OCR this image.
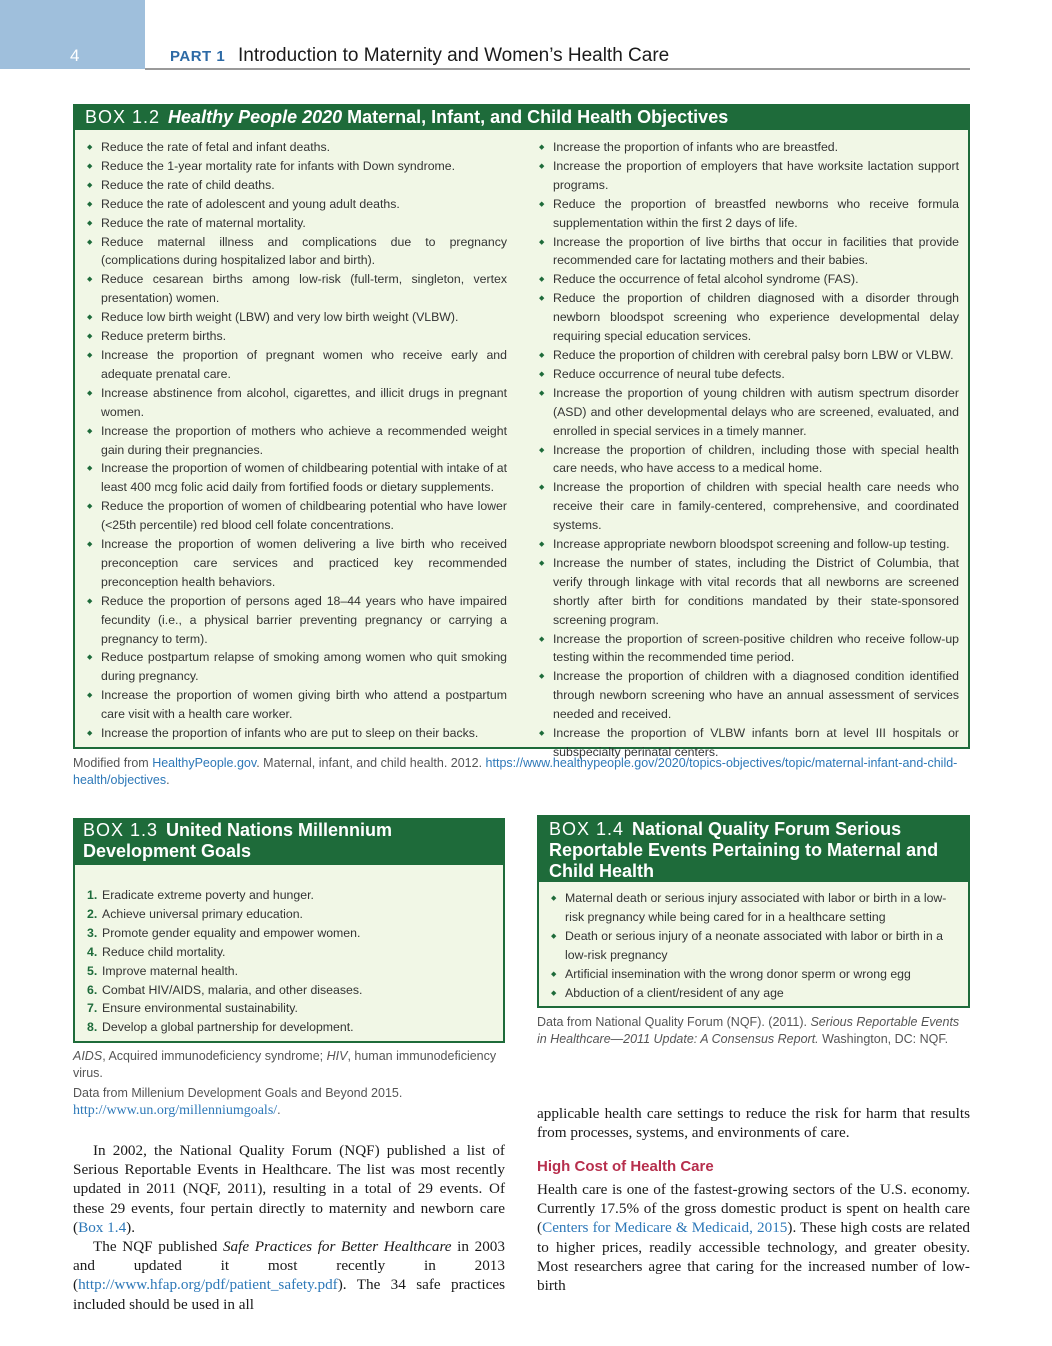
4	PART 1 Introduction to Maternity and Women’s Health Care
BOX 1.2 Healthy People 2020 Maternal, Infant, and Child Health Objectives
◆ Reduce the rate of fetal and infant deaths.
◆ Reduce the 1-year mortality rate for infants with Down syndrome.
◆ Reduce the rate of child deaths.
◆ Reduce the rate of adolescent and young adult deaths.
◆ Reduce the rate of maternal mortality.
◆ Reduce maternal illness and complications due to pregnancy (complications during hospitalized labor and birth).
◆ Reduce cesarean births among low-risk (full-term, singleton, vertex presentation) women.
◆ Reduce low birth weight (LBW) and very low birth weight (VLBW).
◆ Reduce preterm births.
◆ Increase the proportion of pregnant women who receive early and adequate prenatal care.
◆ Increase abstinence from alcohol, cigarettes, and illicit drugs in pregnant women.
◆ Increase the proportion of mothers who achieve a recommended weight gain during their pregnancies.
◆ Increase the proportion of women of childbearing potential with intake of at least 400 mcg folic acid daily from fortified foods or dietary supplements.
◆ Reduce the proportion of women of childbearing potential who have lower (<25th percentile) red blood cell folate concentrations.
◆ Increase the proportion of women delivering a live birth who received preconception care services and practiced key recommended preconception health behaviors.
◆ Reduce the proportion of persons aged 18–44 years who have impaired fecundity (i.e., a physical barrier preventing pregnancy or carrying a pregnancy to term).
◆ Reduce postpartum relapse of smoking among women who quit smoking during pregnancy.
◆ Increase the proportion of women giving birth who attend a postpartum care visit with a health care worker.
◆ Increase the proportion of infants who are put to sleep on their backs.
◆ Increase the proportion of infants who are breastfed.
◆ Increase the proportion of employers that have worksite lactation support programs.
◆ Reduce the proportion of breastfed newborns who receive formula supplementation within the first 2 days of life.
◆ Increase the proportion of live births that occur in facilities that provide recommended care for lactating mothers and their babies.
◆ Reduce the occurrence of fetal alcohol syndrome (FAS).
◆ Reduce the proportion of children diagnosed with a disorder through newborn bloodspot screening who experience developmental delay requiring special education services.
◆ Reduce the proportion of children with cerebral palsy born LBW or VLBW.
◆ Reduce occurrence of neural tube defects.
◆ Increase the proportion of young children with autism spectrum disorder (ASD) and other developmental delays who are screened, evaluated, and enrolled in special services in a timely manner.
◆ Increase the proportion of children, including those with special health care needs, who have access to a medical home.
◆ Increase the proportion of children with special health care needs who receive their care in family-centered, comprehensive, and coordinated systems.
◆ Increase appropriate newborn bloodspot screening and follow-up testing.
◆ Increase the number of states, including the District of Columbia, that verify through linkage with vital records that all newborns are screened shortly after birth for conditions mandated by their state-sponsored screening program.
◆ Increase the proportion of screen-positive children who receive follow-up testing within the recommended time period.
◆ Increase the proportion of children with a diagnosed condition identified through newborn screening who have an annual assessment of services needed and received.
◆ Increase the proportion of VLBW infants born at level III hospitals or subspecialty perinatal centers.
Modified from HealthyPeople.gov. Maternal, infant, and child health. 2012. https://www.healthypeople.gov/2020/topics-objectives/topic/maternal-infant-and-child-health/objectives.
1. Eradicate extreme poverty and hunger.
2. Achieve universal primary education.
3. Promote gender equality and empower women.
4. Reduce child mortality.
5. Improve maternal health.
6. Combat HIV/AIDS, malaria, and other diseases.
7. Ensure environmental sustainability.
8. Develop a global partnership for development.
BOX 1.3 United Nations Millennium Development Goals
AIDS, Acquired immunodeficiency syndrome; HIV, human immunodeficiency virus.
Data from Millenium Development Goals and Beyond 2015. http://www.un.org/millenniumgoals/.
BOX 1.4 National Quality Forum Serious Reportable Events Pertaining to Maternal and Child Health
◆ Maternal death or serious injury associated with labor or birth in a low-risk pregnancy while being cared for in a healthcare setting
◆ Death or serious injury of a neonate associated with labor or birth in a low-risk pregnancy
◆ Artificial insemination with the wrong donor sperm or wrong egg
◆ Abduction of a client/resident of any age
Data from National Quality Forum (NQF). (2011). Serious Reportable Events in Healthcare—2011 Update: A Consensus Report. Washington, DC: NQF.

In 2002, the National Quality Forum (NQF) published a list of Serious Reportable Events in Healthcare. The list was most recently updated in 2011 (NQF, 2011), resulting in a total of 29 events. Of these 29 events, four pertain directly to maternity and newborn care (Box 1.4).

The NQF published Safe Practices for Better Healthcare in 2003 and updated it most recently in 2013 (http://www.hfap.org/pdf/patient_safety.pdf). The 34 safe practices included should be used in all

applicable health care settings to reduce the risk for harm that results from processes, systems, and environments of care.

High Cost of Health Care

Health care is one of the fastest-growing sectors of the U.S. economy. Currently 17.5% of the gross domestic product is spent on health care (Centers for Medicare & Medicaid, 2015). These high costs are related to higher prices, readily accessible technology, and greater obesity. Most researchers agree that caring for the increased number of low-birth
